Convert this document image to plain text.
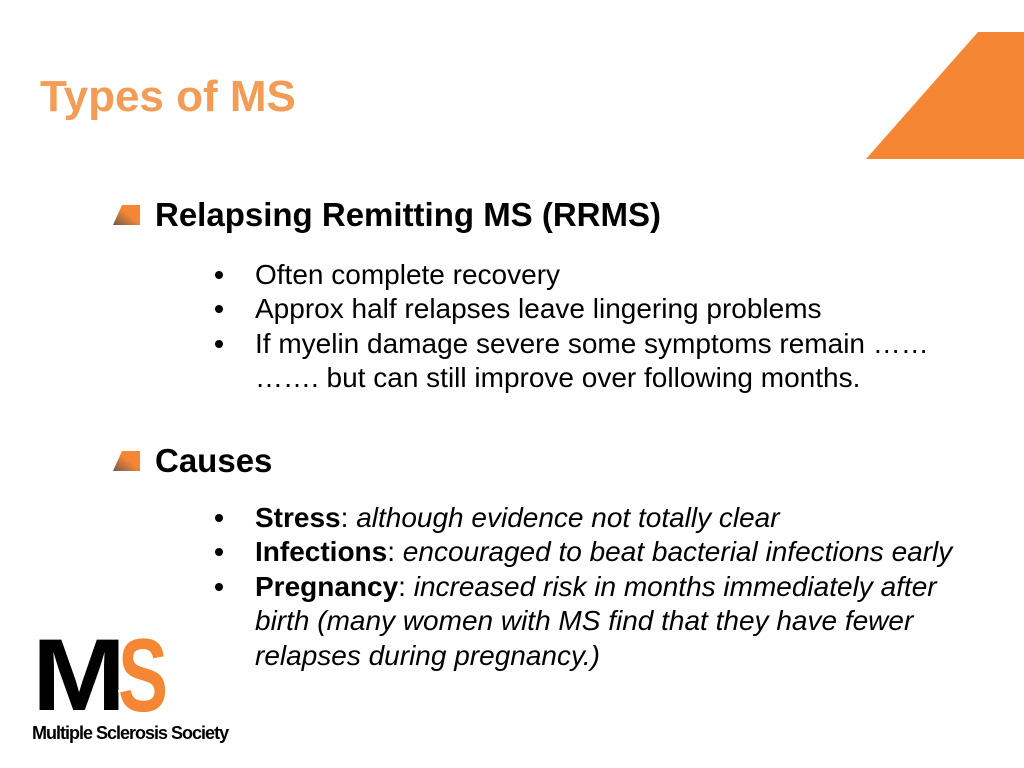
Types of MS
Relapsing Remitting MS (RRMS)
Often complete recovery
Approx half relapses leave lingering problems
If myelin damage severe some symptoms remain ……
……. but can still improve over following months.
Causes
Stress: although evidence not totally clear
Infections: encouraged to beat bacterial infections early
Pregnancy: increased risk in months immediately after
birth (many women with MS find that they have fewer
relapses during pregnancy.)
M
S

Multiple Sclerosis Society
